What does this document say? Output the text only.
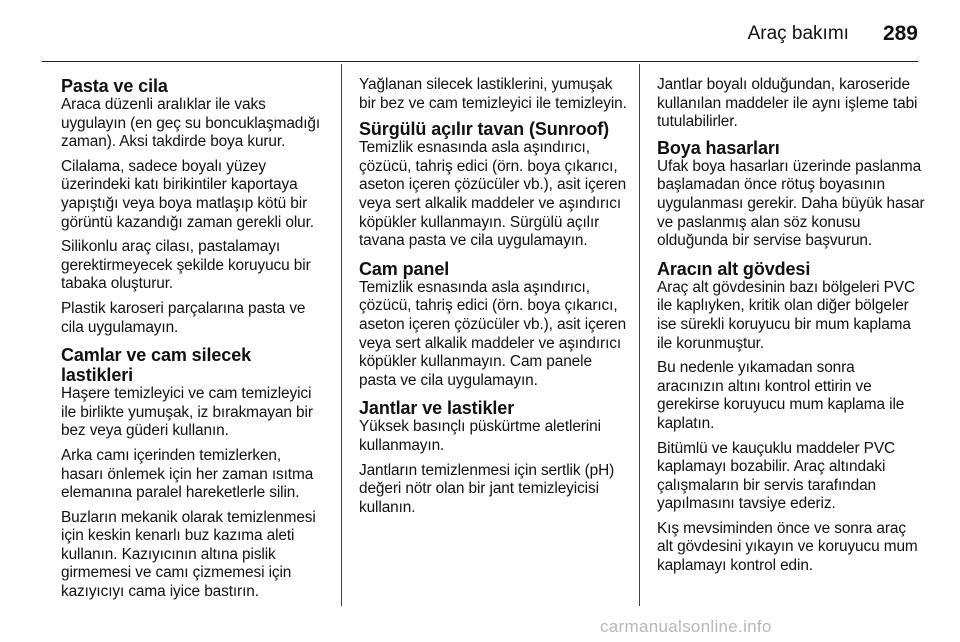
Araç bakımı 289
Pasta ve cila

Araca düzenli aralıklar ile vaks uygulayın (en geç su boncuklaşmadığı zaman). Aksi takdirde boya kurur.

Cilalama, sadece boyalı yüzey üzerindeki katı birikintiler kaportaya yapıştığı veya boya matlaşıp kötü bir görüntü kazandığı zaman gerekli olur.

Silikonlu araç cilası, pastalamayı gerektirmeyecek şekilde koruyucu bir tabaka oluşturur.

Plastik karoseri parçalarına pasta ve cila uygulamayın.

Camlar ve cam silecek lastikleri

Haşere temizleyici ve cam temizleyici ile birlikte yumuşak, iz bırakmayan bir bez veya güderi kullanın.

Arka camı içerinden temizlerken, hasarı önlemek için her zaman ısıtma elemanına paralel hareketlerle silin.

Buzların mekanik olarak temizlenmesi için keskin kenarlı buz kazıma aleti kullanın. Kazıyıcının altına pislik girmemesi ve camı çizmemesi için kazıyıcıyı cama iyice bastırın.

Yağlanan silecek lastiklerini, yumuşak bir bez ve cam temizleyici ile temizleyin.

Sürgülü açılır tavan (Sunroof)

Temizlik esnasında asla aşındırıcı, çözücü, tahriş edici (örn. boya çıkarıcı, aseton içeren çözücüler vb.), asit içeren veya sert alkalik maddeler ve aşındırıcı köpükler kullanmayın. Sürgülü açılır tavana pasta ve cila uygulamayın.

Cam panel

Temizlik esnasında asla aşındırıcı, çözücü, tahriş edici (örn. boya çıkarıcı, aseton içeren çözücüler vb.), asit içeren veya sert alkalik maddeler ve aşındırıcı köpükler kullanmayın. Cam panele pasta ve cila uygulamayın.

Jantlar ve lastikler

Yüksek basınçlı püskürtme aletlerini kullanmayın.

Jantların temizlenmesi için sertlik (pH) değeri nötr olan bir jant temizleyicisi kullanın.

Jantlar boyalı olduğundan, karoseride kullanılan maddeler ile aynı işleme tabi tutulabilirler.

Boya hasarları

Ufak boya hasarları üzerinde paslanma başlamadan önce rötuş boyasının uygulanması gerekir. Daha büyük hasar ve paslanmış alan söz konusu olduğunda bir servise başvurun.

Aracın alt gövdesi

Araç alt gövdesinin bazı bölgeleri PVC ile kaplıyken, kritik olan diğer bölgeler ise sürekli koruyucu bir mum kaplama ile korunmuştur.

Bu nedenle yıkamadan sonra aracınızın altını kontrol ettirin ve gerekirse koruyucu mum kaplama ile kaplatın.

Bitümlü ve kauçuklu maddeler PVC kaplamayı bozabilir. Araç altındaki çalışmaların bir servis tarafından yapılmasını tavsiye ederiz.

Kış mevsiminden önce ve sonra araç alt gövdesini yıkayın ve koruyucu mum kaplamayı kontrol edin.

carmanualsonline.info
